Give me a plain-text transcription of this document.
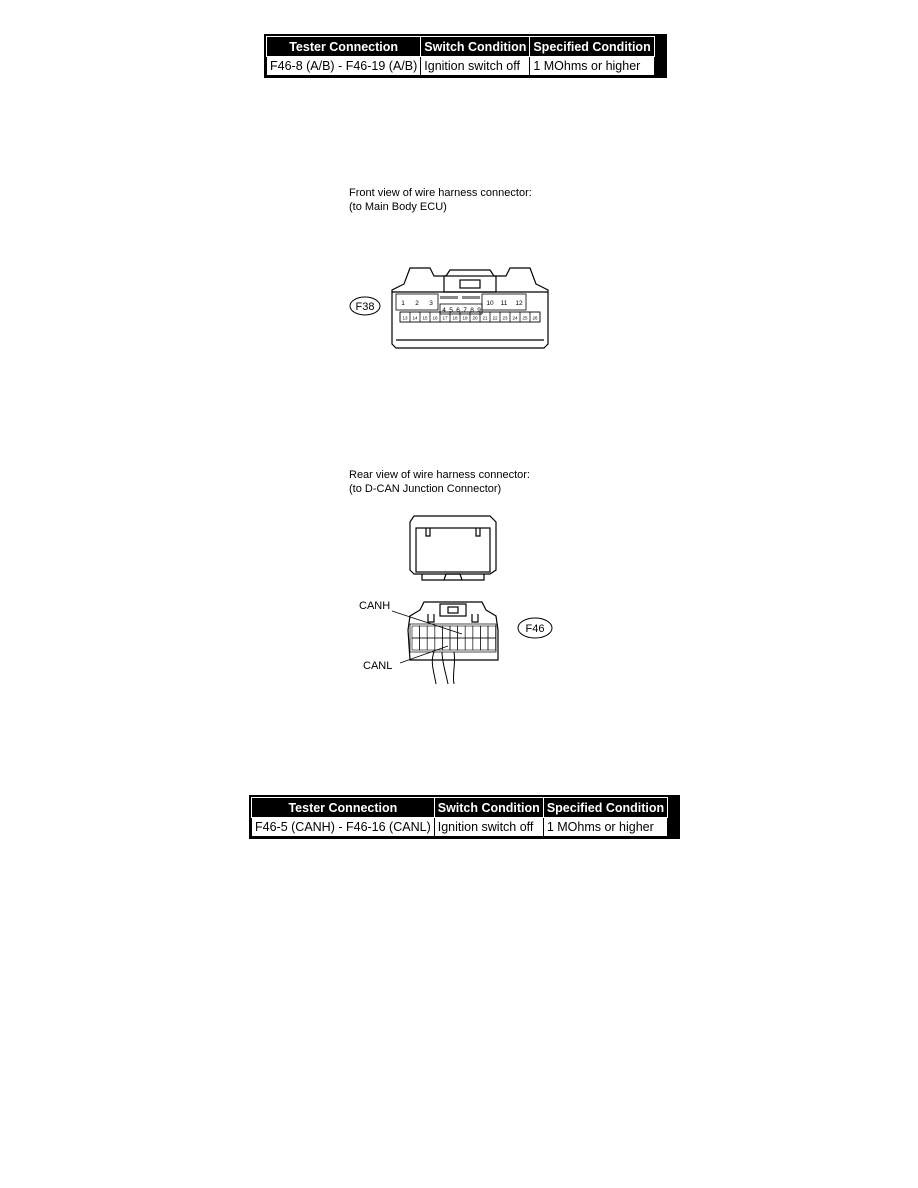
Tester Connection	Switch Condition	Specified Condition
F46-8 (A/B) - F46-19 (A/B)	Ignition switch off	1 MOhms or higher
Front view of wire harness connector:
(to Main Body ECU)
1 2 3	10 11 12
4 5 6 7 8 9
13 14 15 16 17 18 19 20 21 22 23 24 25 26
F38
Rear view of wire harness connector:
(to D-CAN Junction Connector)
CANH
CANL
F46
Tester Connection	Switch Condition	Specified Condition
F46-5 (CANH) - F46-16 (CANL)	Ignition switch off	1 MOhms or higher
